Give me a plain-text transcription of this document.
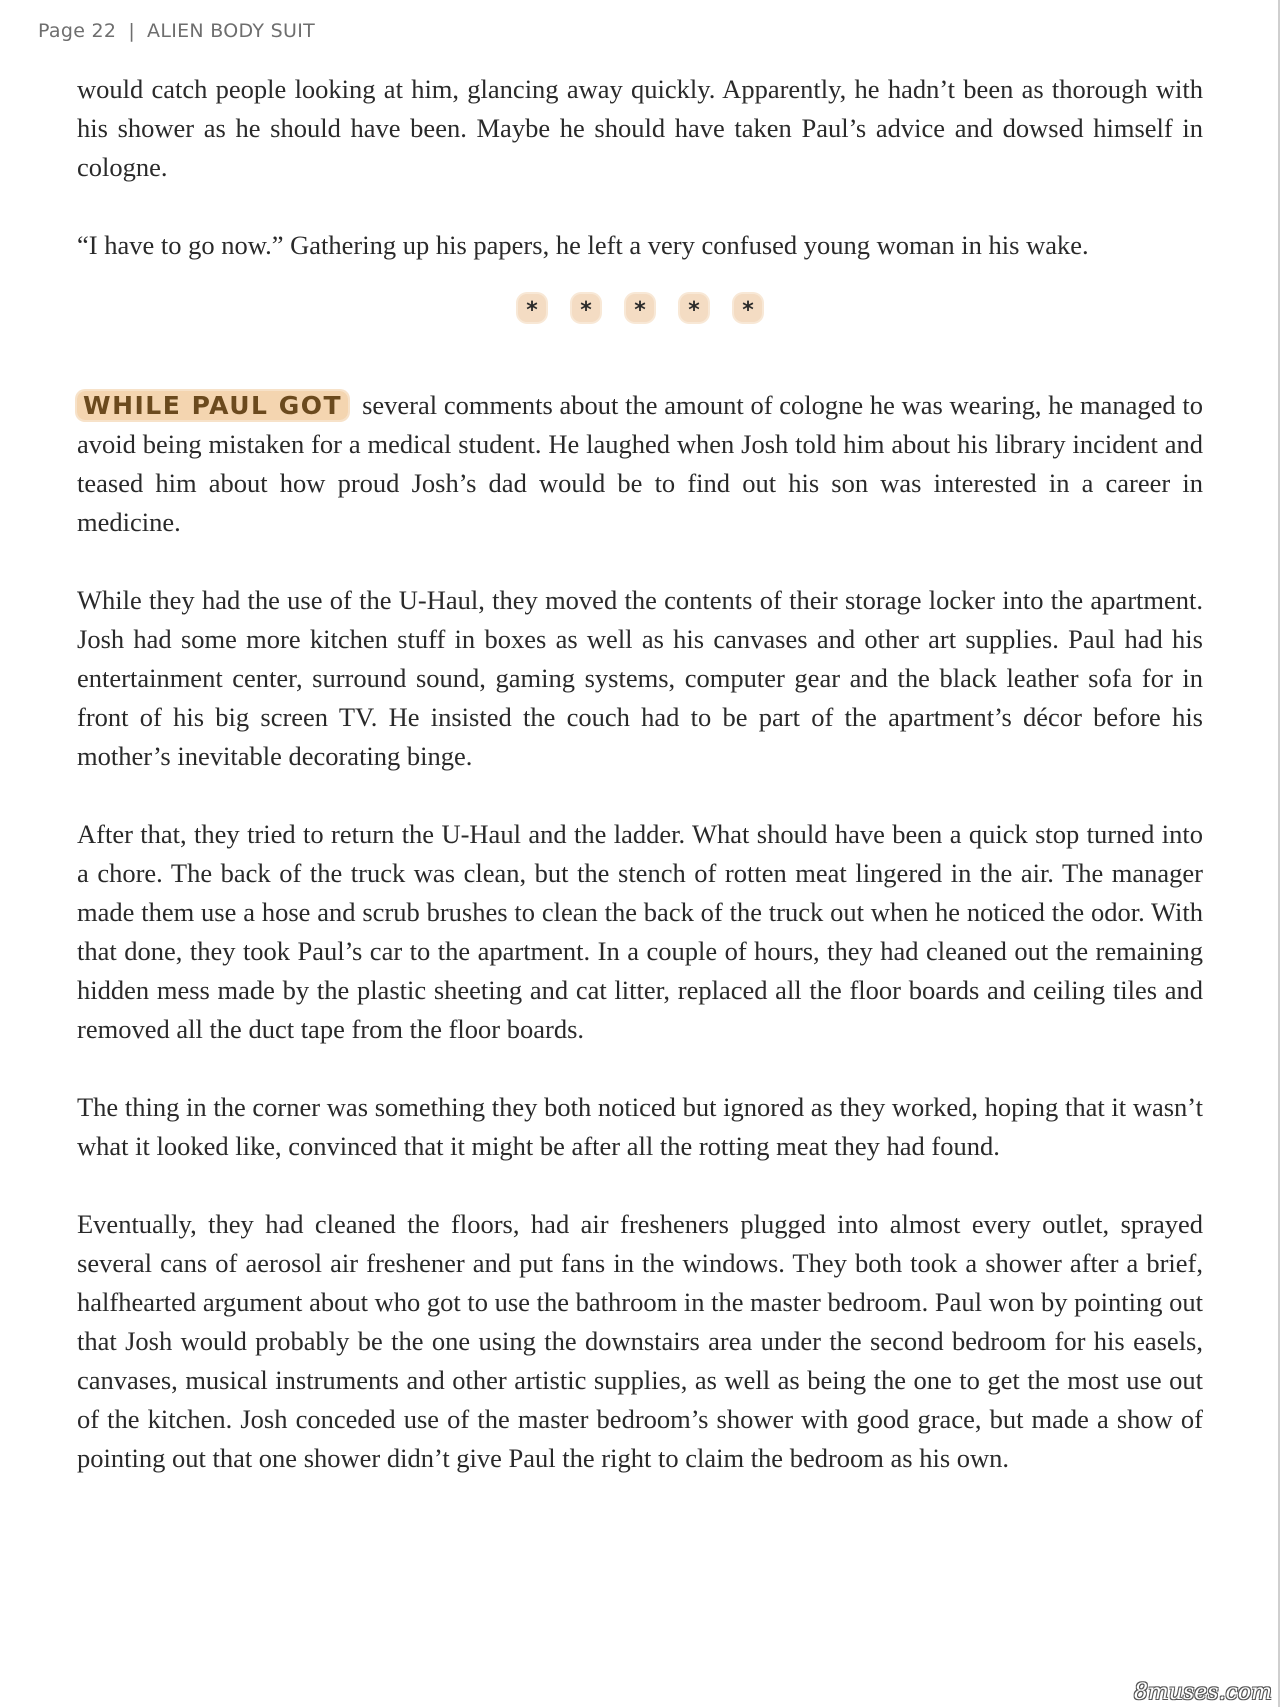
Page 22 | ALIEN BODY SUIT

would catch people looking at him, glancing away quickly. Apparently, he hadn’t been as thorough with his shower as he should have been. Maybe he should have taken Paul’s advice and dowsed himself in cologne.

“I have to go now.” Gathering up his papers, he left a very confused young woman in his wake.

*	*	*	*	*

WHILE PAUL GOT several comments about the amount of cologne he was wearing, he managed to avoid being mistaken for a medical student. He laughed when Josh told him about his library incident and teased him about how proud Josh’s dad would be to find out his son was interested in a career in medicine.

While they had the use of the U-Haul, they moved the contents of their storage locker into the apartment. Josh had some more kitchen stuff in boxes as well as his canvases and other art supplies. Paul had his entertainment center, surround sound, gaming systems, computer gear and the black leather sofa for in front of his big screen TV. He insisted the couch had to be part of the apartment’s décor before his mother’s inevitable decorating binge.

After that, they tried to return the U-Haul and the ladder. What should have been a quick stop turned into a chore. The back of the truck was clean, but the stench of rotten meat lingered in the air. The manager made them use a hose and scrub brushes to clean the back of the truck out when he noticed the odor. With that done, they took Paul’s car to the apartment. In a couple of hours, they had cleaned out the remaining hidden mess made by the plastic sheeting and cat litter, replaced all the floor boards and ceiling tiles and removed all the duct tape from the floor boards.

The thing in the corner was something they both noticed but ignored as they worked, hoping that it wasn’t what it looked like, convinced that it might be after all the rotting meat they had found.

Eventually, they had cleaned the floors, had air fresheners plugged into almost every outlet, sprayed several cans of aerosol air freshener and put fans in the windows. They both took a shower after a brief, halfhearted argument about who got to use the bathroom in the master bedroom. Paul won by pointing out that Josh would probably be the one using the downstairs area under the second bedroom for his easels, canvases, musical instruments and other artistic supplies, as well as being the one to get the most use out of the kitchen. Josh conceded use of the master bedroom’s shower with good grace, but made a show of pointing out that one shower didn’t give Paul the right to claim the bedroom as his own.

8muses.com
